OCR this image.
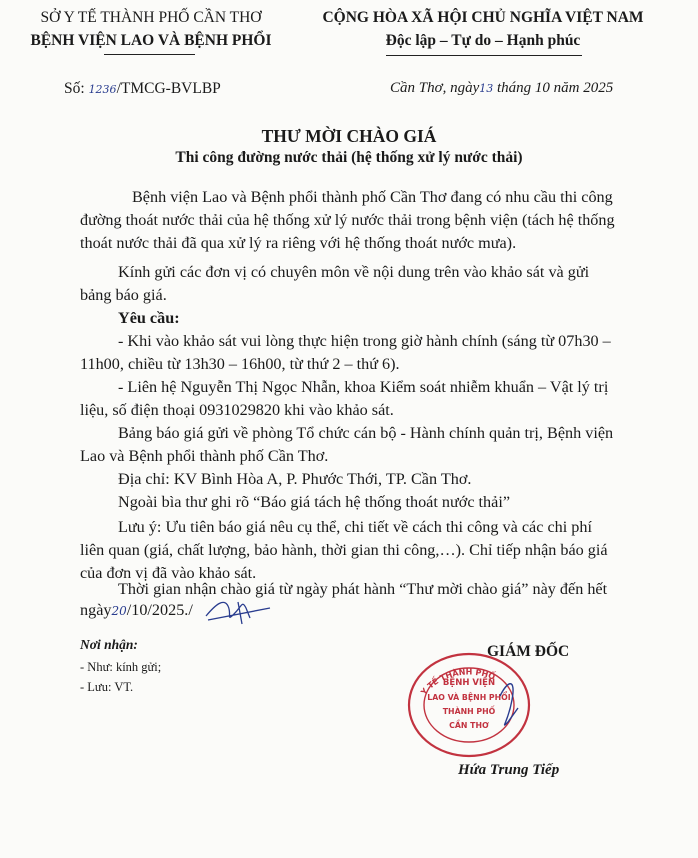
SỞ Y TẾ THÀNH PHỐ CẦN THƠ
BỆNH VIỆN LAO VÀ BỆNH PHỔI
CỘNG HÒA XÃ HỘI CHỦ NGHĨA VIỆT NAM
Độc lập – Tự do – Hạnh phúc
Số: 1236/TMCG-BVLBP	Cần Thơ, ngày13 tháng 10 năm 2025
THƯ MỜI CHÀO GIÁ
Thi công đường nước thải (hệ thống xử lý nước thải)
Bệnh viện Lao và Bệnh phổi thành phố Cần Thơ đang có nhu cầu thi công
đường thoát nước thải của hệ thống xử lý nước thải trong bệnh viện (tách hệ thống
thoát nước thải đã qua xử lý ra riêng với hệ thống thoát nước mưa).
Kính gửi các đơn vị có chuyên môn về nội dung trên vào khảo sát và gửi
bảng báo giá.
Yêu cầu:
- Khi vào khảo sát vui lòng thực hiện trong giờ hành chính (sáng từ 07h30 –
11h00, chiều từ 13h30 – 16h00, từ thứ 2 – thứ 6).
- Liên hệ Nguyễn Thị Ngọc Nhẫn, khoa Kiểm soát nhiễm khuẩn – Vật lý trị
liệu, số điện thoại 0931029820 khi vào khảo sát.
Bảng báo giá gửi về phòng Tổ chức cán bộ - Hành chính quản trị, Bệnh viện
Lao và Bệnh phổi thành phố Cần Thơ.
Địa chỉ: KV Bình Hòa A, P. Phước Thới, TP. Cần Thơ.
Ngoài bìa thư ghi rõ “Báo giá tách hệ thống thoát nước thải”
Lưu ý: Ưu tiên báo giá nêu cụ thể, chi tiết về cách thi công và các chi phí
liên quan (giá, chất lượng, bảo hành, thời gian thi công,…). Chỉ tiếp nhận báo giá
của đơn vị đã vào khảo sát.
Thời gian nhận chào giá từ ngày phát hành “Thư mời chào giá” này đến hết
ngày20/10/2025./
Nơi nhận:
- Như: kính gửi;
- Lưu: VT.
GIÁM ĐỐC
Y TẾ THÀNH PHỐ
BỆNH VIỆN
LAO VÀ BỆNH PHỔI
THÀNH PHỐ
CẦN THƠ
Hứa Trung Tiếp
